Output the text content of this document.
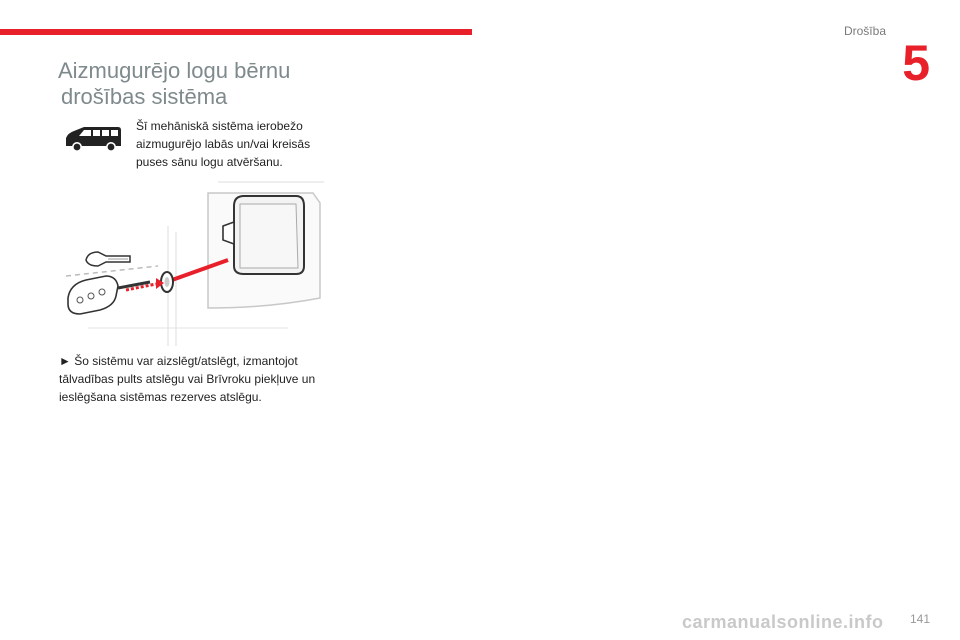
Drošība
5
Aizmugurējo logu bērnu
drošības sistēma

Šī mehāniskā sistēma ierobežo aizmugurējo labās un/vai kreisās puses sānu logu atvēršanu.

► Šo sistēmu var aizslēgt/atslēgt, izmantojot tālvadības pults atslēgu vai Brīvroku piekļuve un ieslēgšana sistēmas rezerves atslēgu.

141
carmanualsonline.info
